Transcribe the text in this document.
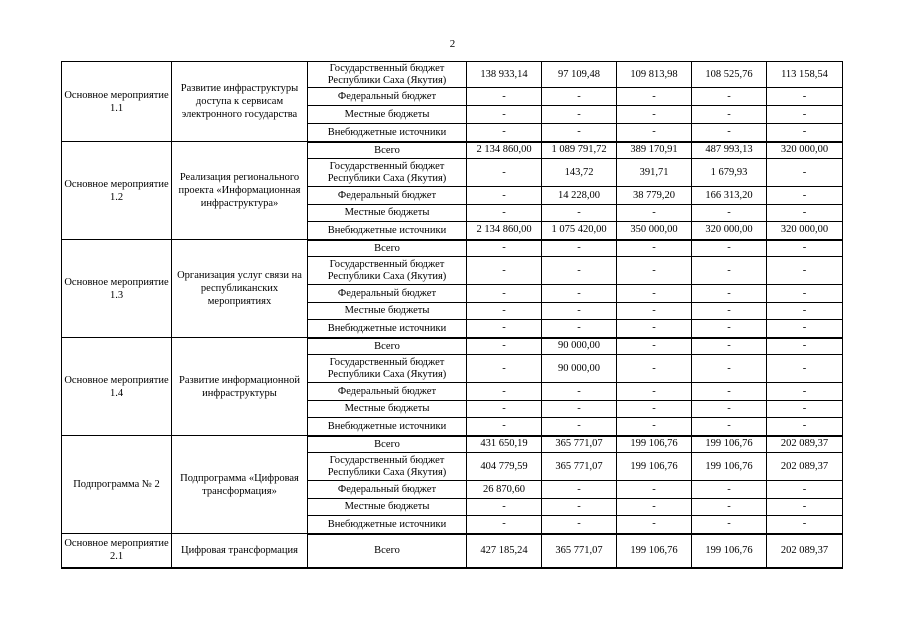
2
Основное мероприятие 1.1	Развитие инфраструктуры доступа к сервисам электронного государства	Государственный бюджет Республики Саха (Якутия)	138 933,14	97 109,48	109 813,98	108 525,76	113 158,54
		Федеральный бюджет	-	-	-	-	-
		Местные бюджеты	-	-	-	-	-
		Внебюджетные источники	-	-	-	-	-
Основное мероприятие 1.2	Реализация регионального проекта «Информационная инфраструктура»	Всего	2 134 860,00	1 089 791,72	389 170,91	487 993,13	320 000,00
		Государственный бюджет Республики Саха (Якутия)	-	143,72	391,71	1 679,93	-
		Федеральный бюджет	-	14 228,00	38 779,20	166 313,20	-
		Местные бюджеты	-	-	-	-	-
		Внебюджетные источники	2 134 860,00	1 075 420,00	350 000,00	320 000,00	320 000,00
Основное мероприятие 1.3	Организация услуг связи на республиканских мероприятиях	Всего	-	-	-	-	-
		Государственный бюджет Республики Саха (Якутия)	-	-	-	-	-
		Федеральный бюджет	-	-	-	-	-
		Местные бюджеты	-	-	-	-	-
		Внебюджетные источники	-	-	-	-	-
Основное мероприятие 1.4	Развитие информационной инфраструктуры	Всего	-	90 000,00	-	-	-
		Государственный бюджет Республики Саха (Якутия)	-	90 000,00	-	-	-
		Федеральный бюджет	-	-	-	-	-
		Местные бюджеты	-	-	-	-	-
		Внебюджетные источники	-	-	-	-	-
Подпрограмма № 2	Подпрограмма «Цифровая трансформация»	Всего	431 650,19	365 771,07	199 106,76	199 106,76	202 089,37
		Государственный бюджет Республики Саха (Якутия)	404 779,59	365 771,07	199 106,76	199 106,76	202 089,37
		Федеральный бюджет	26 870,60	-	-	-	-
		Местные бюджеты	-	-	-	-	-
		Внебюджетные источники	-	-	-	-	-
Основное мероприятие 2.1	Цифровая трансформация	Всего	427 185,24	365 771,07	199 106,76	199 106,76	202 089,37
